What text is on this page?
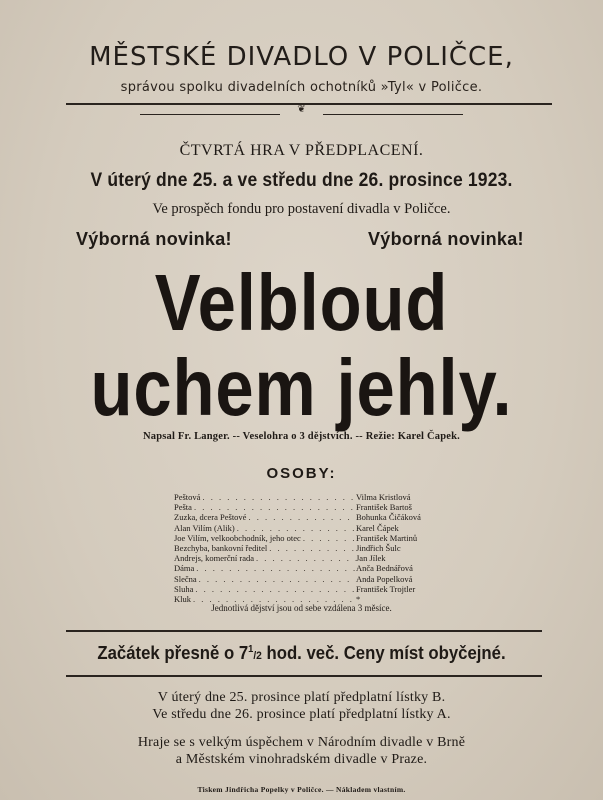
MĚSTSKÉ DIVADLO V POLIČCE,
správou spolku divadelních ochotníků »Tyl« v Poličce.
❦
ČTVRTÁ HRA V PŘEDPLACENÍ.
V úterý dne 25. a ve středu dne 26. prosince 1923.
Ve prospěch fondu pro postavení divadla v Poličce.
Výborná novinka!	Výborná novinka!
Velbloud
uchem jehly.
Napsal Fr. Langer. -- Veselohra o 3 dějstvích. -- Režie: Karel Čapek.
OSOBY:
Peštová . . .	Vilma Kristlová
Pešta . . .	František Bartoš
Zuzka, dcera Peštové . . .	Bohunka Čičáková
Alan Vilím (Alik) . . .	Karel Čápek
Joe Vilím, velkoobchodník, jeho otec . . .	František Martinů
Bezchyba, bankovní ředitel . . .	Jindřich Šulc
Andrejs, komerční rada . . .	Jan Jílek
Dáma . . .	Anča Bednářová
Slečna . . .	Anda Popelková
Sluha . . .	František Trojtler
Kluk . . .	*
Jednotlivá dějství jsou od sebe vzdálena 3 měsíce.
Začátek přesně o $7^1/2$ hod. več. Ceny míst obyčejné.
V úterý dne 25. prosince platí předplatní lístky B.
Ve středu dne 26. prosince platí předplatní lístky A.
Hraje se s velkým úspěchem v Národním divadle v Brně
a Městském vinohradském divadle v Praze.
Tiskem Jindřicha Popelky v Poličce. — Nákladem vlastním.
